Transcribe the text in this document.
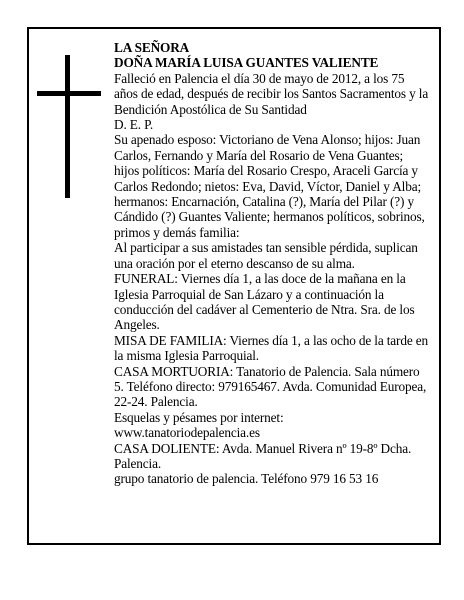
LA SEÑORA

DOÑA MARÍA LUISA GUANTES VALIENTE

Falleció en Palencia el día 30 de mayo de 2012, a los 75 años de edad, después de recibir los Santos Sacramentos y la Bendición Apostólica de Su Santidad

D. E. P.

Su apenado esposo: Victoriano de Vena Alonso; hijos: Juan Carlos, Fernando y María del Rosario de Vena Guantes; hijos políticos: María del Rosario Crespo, Araceli García y Carlos Redondo; nietos: Eva, David, Víctor, Daniel y Alba; hermanos: Encarnación, Catalina (?), María del Pilar (?) y Cándido (?) Guantes Valiente; hermanos políticos, sobrinos, primos y demás familia:

Al participar a sus amistades tan sensible pérdida, suplican una oración por el eterno descanso de su alma.

FUNERAL: Viernes día 1, a las doce de la mañana en la Iglesia Parroquial de San Lázaro y a continuación la conducción del cadáver al Cementerio de Ntra. Sra. de los Angeles.

MISA DE FAMILIA: Viernes día 1, a las ocho de la tarde en la misma Iglesia Parroquial.

CASA MORTUORIA: Tanatorio de Palencia. Sala número 5. Teléfono directo: 979165467. Avda. Comunidad Europea, 22-24. Palencia.

Esquelas y pésames por internet:

www.tanatoriodepalencia.es

CASA DOLIENTE: Avda. Manuel Rivera nº 19-8º Dcha. Palencia.

grupo tanatorio de palencia. Teléfono 979 16 53 16
